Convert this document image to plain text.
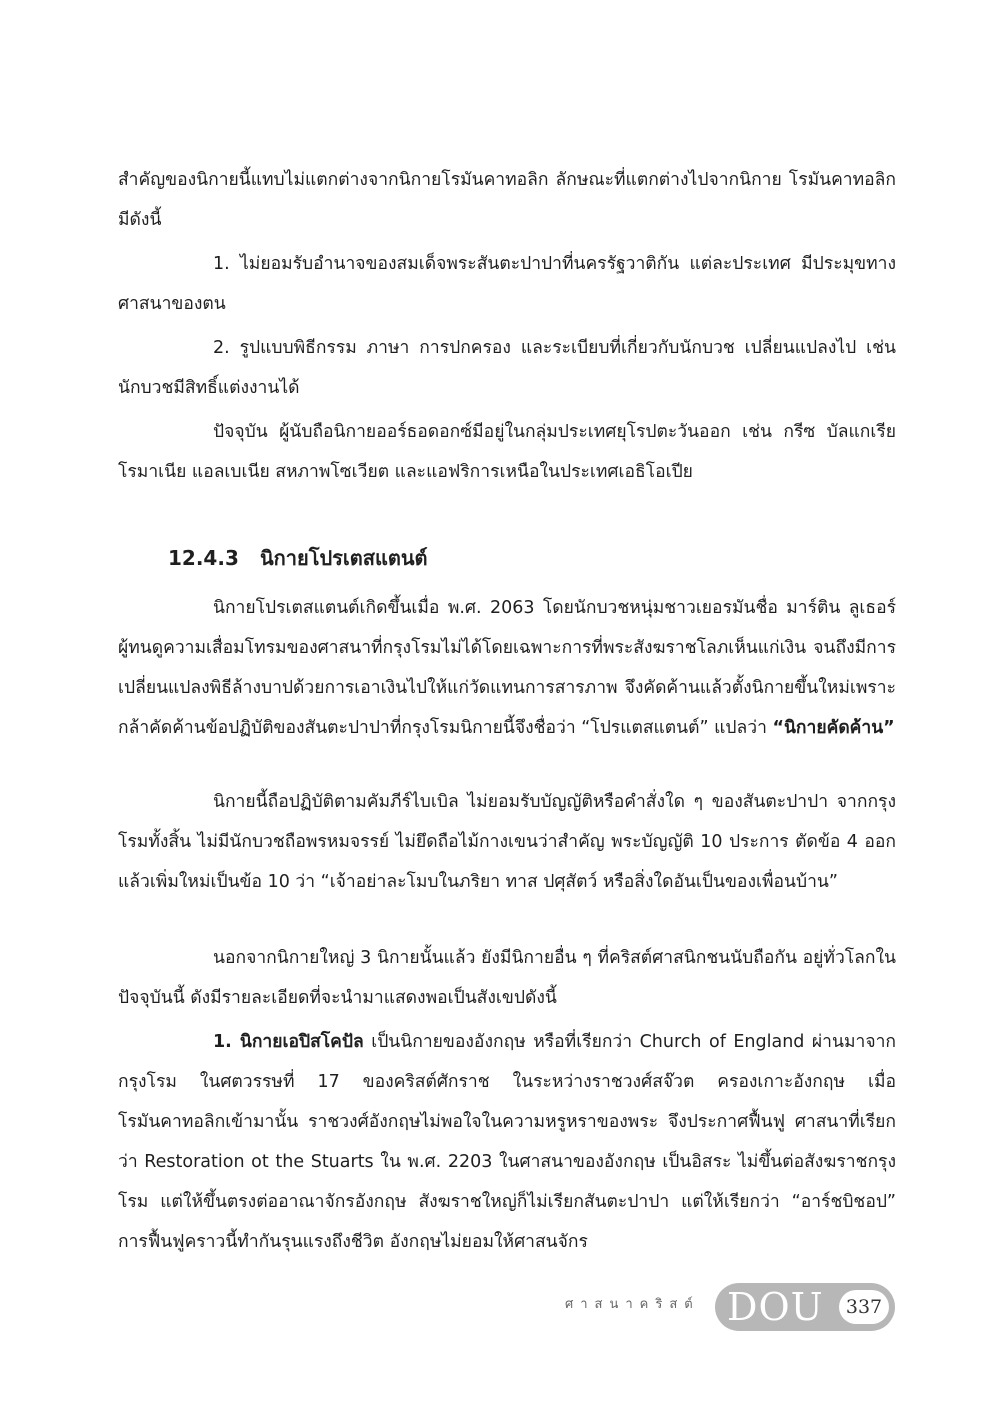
สำคัญของนิกายนี้แทบไม่แตกต่างจากนิกายโรมันคาทอลิก ลักษณะที่แตกต่างไปจากนิกาย โรมันคาทอลิกมีดังนี้
1. ไม่ยอมรับอำนาจของสมเด็จพระสันตะปาปาที่นครรัฐวาติกัน แต่ละประเทศ มีประมุขทางศาสนาของตน
2. รูปแบบพิธีกรรม ภาษา การปกครอง และระเบียบที่เกี่ยวกับนักบวช เปลี่ยนแปลงไป เช่น นักบวชมีสิทธิ์แต่งงานได้
ปัจจุบัน ผู้นับถือนิกายออร์ธอดอกซ์มีอยู่ในกลุ่มประเทศยุโรปตะวันออก เช่น กรีซ บัลแกเรีย โรมาเนีย แอลเบเนีย สหภาพโซเวียต และแอฟริการเหนือในประเทศเอธิโอเปีย
12.4.3 นิกายโปรเตสแตนต์
นิกายโปรเตสแตนต์เกิดขึ้นเมื่อ พ.ศ. 2063 โดยนักบวชหนุ่มชาวเยอรมันชื่อ มาร์ติน ลูเธอร์ ผู้ทนดูความเสื่อมโทรมของศาสนาที่กรุงโรมไม่ได้โดยเฉพาะการที่พระสังฆราชโลภเห็นแก่เงิน จนถึงมีการเปลี่ยนแปลงพิธีล้างบาปด้วยการเอาเงินไปให้แก่วัดแทนการสารภาพ จึงคัดค้านแล้วตั้งนิกายขึ้นใหม่เพราะกล้าคัดค้านข้อปฏิบัติของสันตะปาปาที่กรุงโรมนิกายนี้จึงชื่อว่า “โปรแตสแตนต์” แปลว่า “นิกายคัดค้าน”
นิกายนี้ถือปฏิบัติตามคัมภีร์ไบเบิล ไม่ยอมรับบัญญัติหรือคำสั่งใด ๆ ของสันตะปาปา จากกรุงโรมทั้งสิ้น ไม่มีนักบวชถือพรหมจรรย์ ไม่ยึดถือไม้กางเขนว่าสำคัญ พระบัญญัติ 10 ประการ ตัดข้อ 4 ออก แล้วเพิ่มใหม่เป็นข้อ 10 ว่า “เจ้าอย่าละโมบในภริยา ทาส ปศุสัตว์ หรือสิ่งใดอันเป็นของเพื่อนบ้าน”
นอกจากนิกายใหญ่ 3 นิกายนั้นแล้ว ยังมีนิกายอื่น ๆ ที่คริสต์ศาสนิกชนนับถือกัน อยู่ทั่วโลกในปัจจุบันนี้ ดังมีรายละเอียดที่จะนำมาแสดงพอเป็นสังเขปดังนี้
1. นิกายเอปิสโคปัล เป็นนิกายของอังกฤษ หรือที่เรียกว่า Church of England ผ่านมาจากกรุงโรม ในศตวรรษที่ 17 ของคริสต์ศักราช ในระหว่างราชวงศ์สจ๊วต ครองเกาะอังกฤษ เมื่อโรมันคาทอลิกเข้ามานั้น ราชวงศ์อังกฤษไม่พอใจในความหรูหราของพระ จึงประกาศฟื้นฟู ศาสนาที่เรียกว่า Restoration ot the Stuarts ใน พ.ศ. 2203 ในศาสนาของอังกฤษ เป็นอิสระ ไม่ขึ้นต่อสังฆราชกรุงโรม แต่ให้ขึ้นตรงต่ออาณาจักรอังกฤษ สังฆราชใหญ่ก็ไม่เรียกสันตะปาปา แต่ให้เรียกว่า “อาร์ชบิชอป” การฟื้นฟูคราวนี้ทำกันรุนแรงถึงชีวิต อังกฤษไม่ยอมให้ศาสนจักร
ศาสนาคริสต์ DOU	337
